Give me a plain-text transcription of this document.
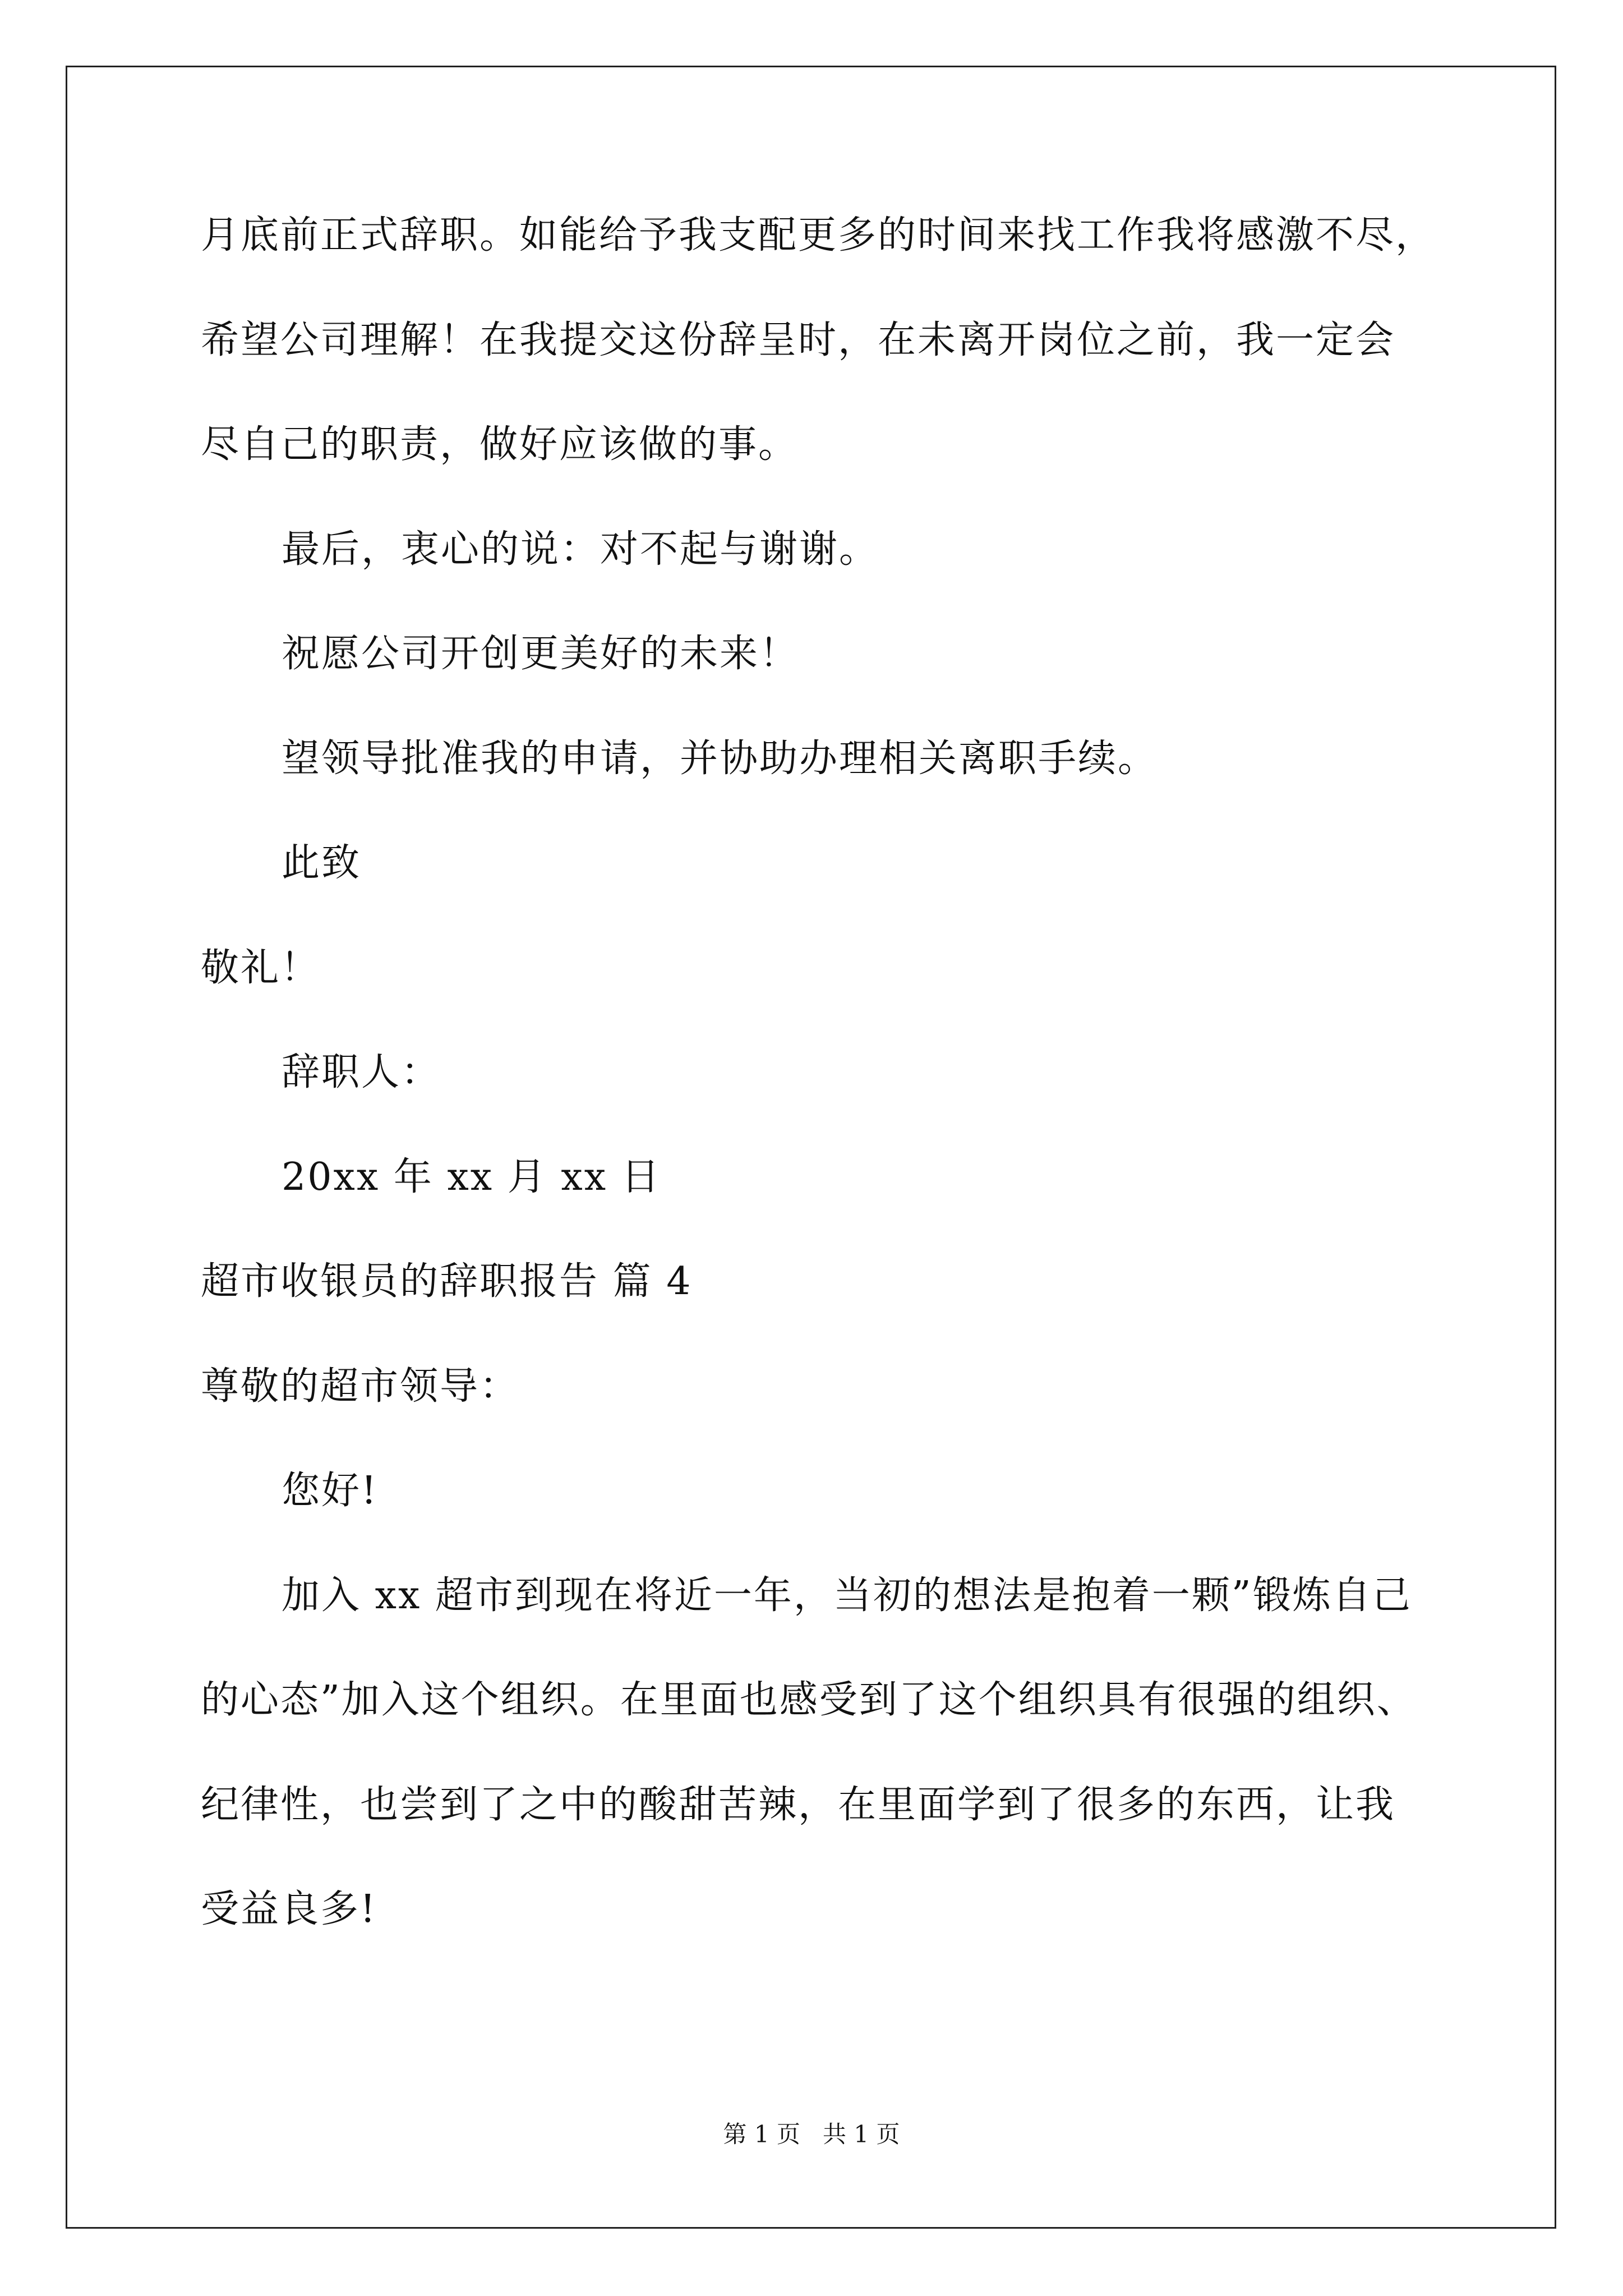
月底前正式辞职。如能给予我支配更多的时间来找工作我将感激不尽，
希望公司理解！在我提交这份辞呈时，在未离开岗位之前，我一定会
尽自己的职责，做好应该做的事。
最后，衷心的说：对不起与谢谢。
祝愿公司开创更美好的未来！
望领导批准我的申请，并协助办理相关离职手续。
此致
敬礼！
辞职人：
20xx 年 xx 月 xx 日
超市收银员的辞职报告 篇 4
尊敬的超市领导：
您好!
加入 xx 超市到现在将近一年，当初的想法是抱着一颗”锻炼自己
的心态”加入这个组织。在里面也感受到了这个组织具有很强的组织、
纪律性，也尝到了之中的酸甜苦辣，在里面学到了很多的东西，让我
受益良多!
第 1 页   共 1 页
